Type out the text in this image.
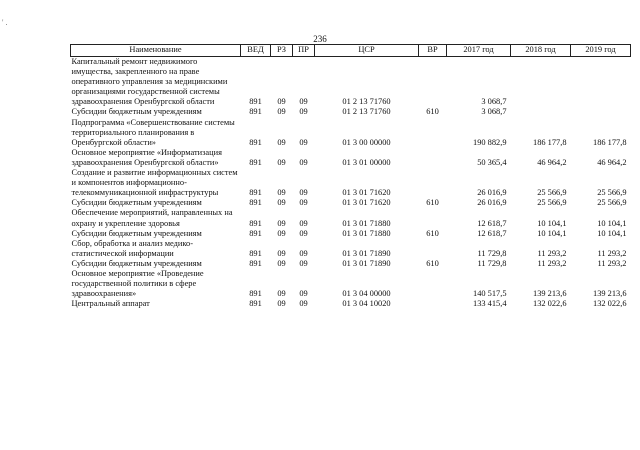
' .
236
Наименование	ВЕД	РЗ	ПР	ЦСР	ВР	2017 год	2018 год	2019 год
Капитальный ремонт недвижимого имущества, закрепленного на праве оперативного управления за медицинскими организациями государственной системы здравоохранения Оренбургской области	891	09	09	01 2 13 71760		3 068,7		
Субсидии бюджетным учреждениям	891	09	09	01 2 13 71760	610	3 068,7		
Подпрограмма «Совершенствование системы территориального планирования в Оренбургской области»	891	09	09	01 3 00 00000		190 882,9	186 177,8	186 177,8
Основное мероприятие «Информатизация здравоохранения Оренбургской области»	891	09	09	01 3 01 00000		50 365,4	46 964,2	46 964,2
Создание и развитие информационных систем и компонентов информационно-телекоммуникационной инфраструктуры	891	09	09	01 3 01 71620		26 016,9	25 566,9	25 566,9
Субсидии бюджетным учреждениям	891	09	09	01 3 01 71620	610	26 016,9	25 566,9	25 566,9
Обеспечение мероприятий, направленных на охрану и укрепление здоровья	891	09	09	01 3 01 71880		12 618,7	10 104,1	10 104,1
Субсидии бюджетным учреждениям	891	09	09	01 3 01 71880	610	12 618,7	10 104,1	10 104,1
Сбор, обработка и анализ медико-статистической информации	891	09	09	01 3 01 71890		11 729,8	11 293,2	11 293,2
Субсидии бюджетным учреждениям	891	09	09	01 3 01 71890	610	11 729,8	11 293,2	11 293,2
Основное мероприятие «Проведение государственной политики в сфере здравоохранения»	891	09	09	01 3 04 00000		140 517,5	139 213,6	139 213,6
Центральный аппарат	891	09	09	01 3 04 10020		133 415,4	132 022,6	132 022,6
